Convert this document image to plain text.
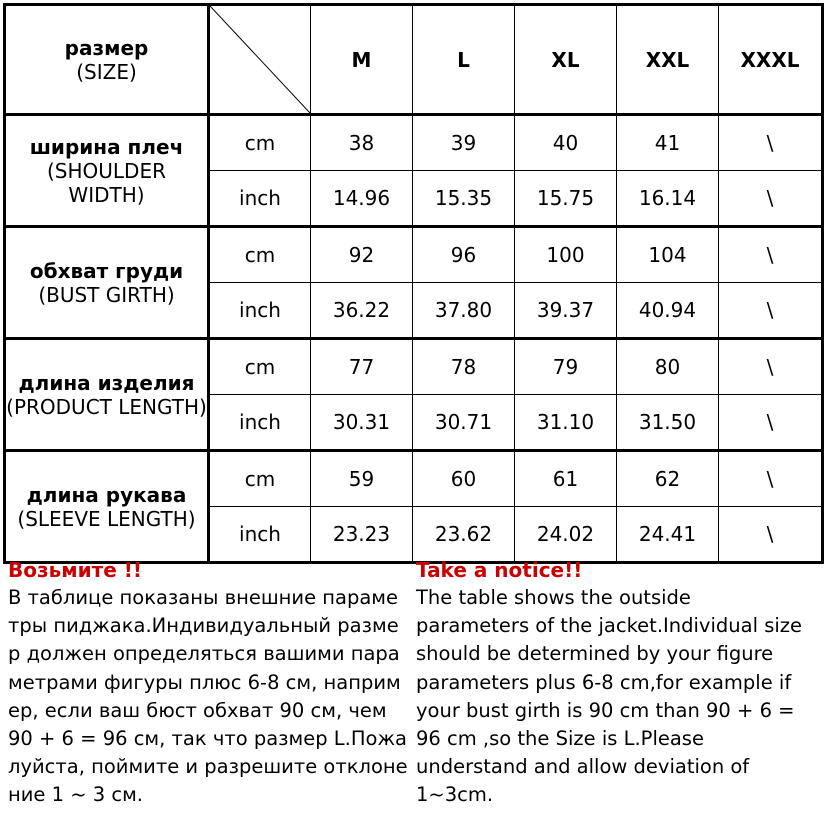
размер
(SIZE)		M	L	XL	XXL	XXXL

ширина плеч
(SHOULDER WIDTH)	cm	38	39	40	41	\
	inch	14.96	15.35	15.75	16.14	\

обхват груди
(BUST GIRTH)	cm	92	96	100	104	\
	inch	36.22	37.80	39.37	40.94	\

длина изделия
(PRODUCT LENGTH)	cm	77	78	79	80	\
	inch	30.31	30.71	31.10	31.50	\

длина рукава
(SLEEVE LENGTH)	cm	59	60	61	62	\
	inch	23.23	23.62	24.02	24.41	\
Возьмите !!
В таблице показаны внешние параме
тры пиджака.Индивидуальный разме
р должен определяться вашими пара
метрами фигуры плюс 6-8 см, наприм
ер, если ваш бюст обхват 90 см, чем
90 + 6 = 96 см, так что размер L.Пожа
луйста, поймите и разрешите отклоне
ние 1 ~ 3 см.
Take a notice!!
The table shows the outside
parameters of the jacket.Individual size
should be determined by your figure
parameters plus 6-8 cm,for example if
your bust girth is 90 cm than 90 + 6 =
96 cm ,so the Size is L.Please
understand and allow deviation of
1~3cm.
